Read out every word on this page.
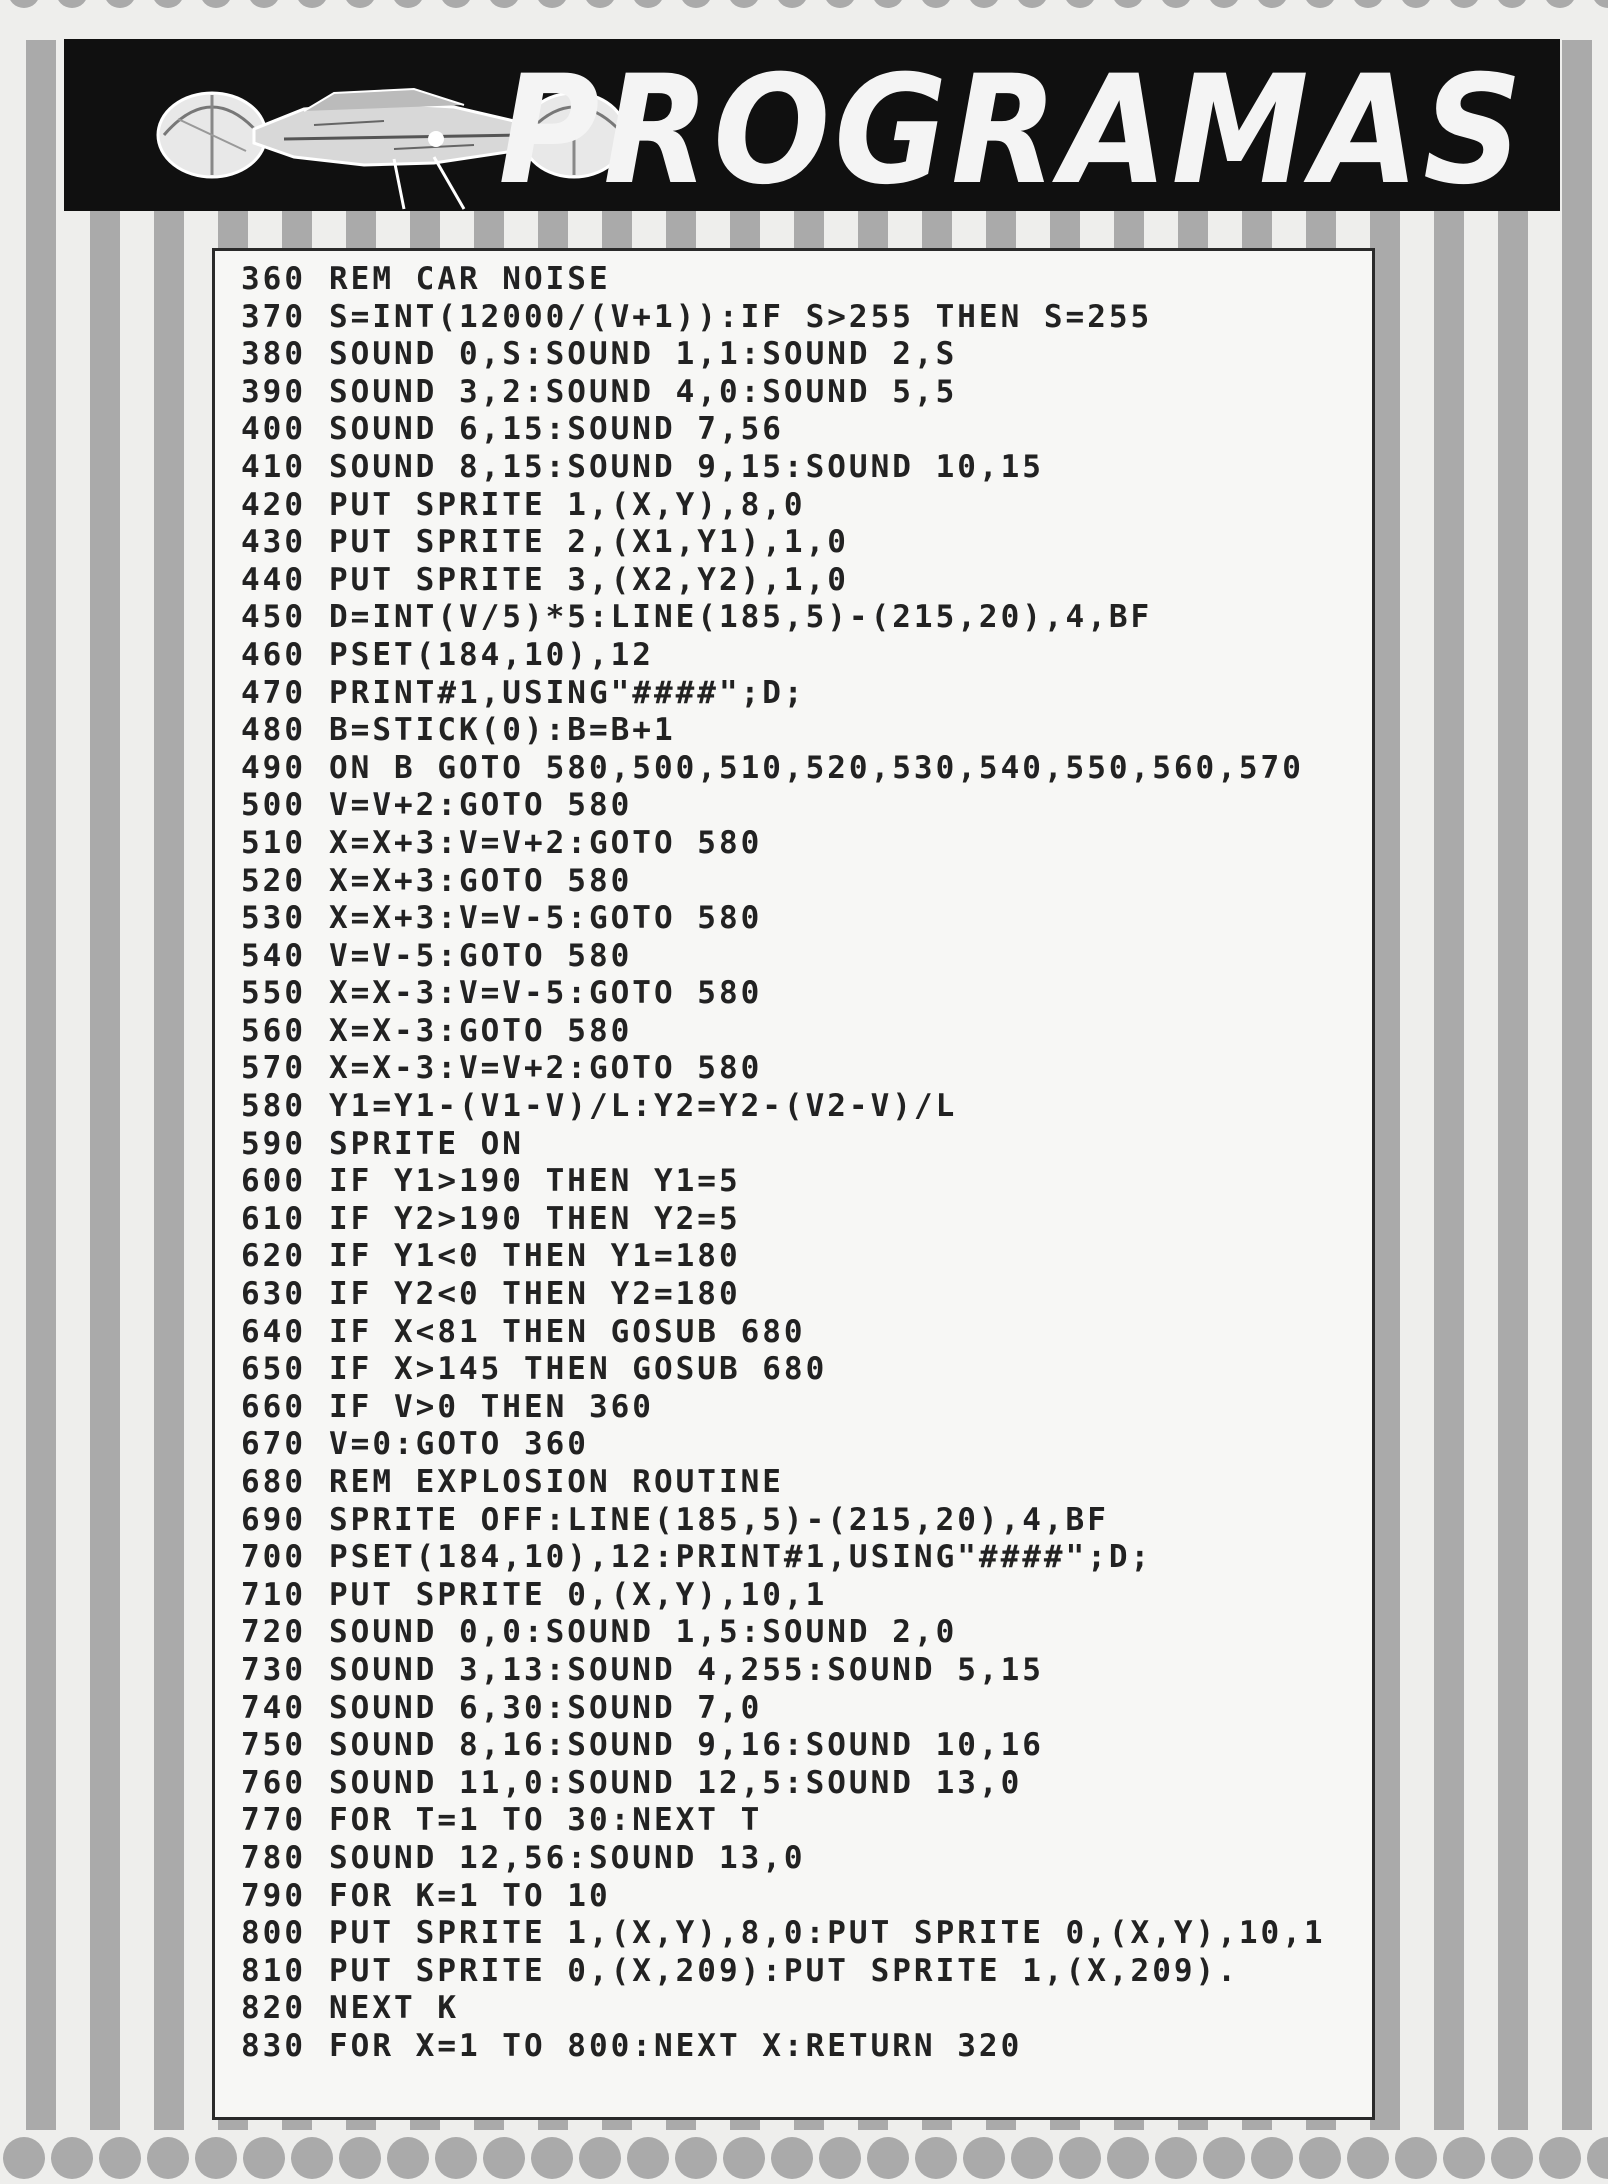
PROGRAMAS
360 REM CAR NOISE
370 S=INT(12000/(V+1)):IF S>255 THEN S=255
380 SOUND 0,S:SOUND 1,1:SOUND 2,S
390 SOUND 3,2:SOUND 4,0:SOUND 5,5
400 SOUND 6,15:SOUND 7,56
410 SOUND 8,15:SOUND 9,15:SOUND 10,15
420 PUT SPRITE 1,(X,Y),8,0
430 PUT SPRITE 2,(X1,Y1),1,0
440 PUT SPRITE 3,(X2,Y2),1,0
450 D=INT(V/5)*5:LINE(185,5)-(215,20),4,BF
460 PSET(184,10),12
470 PRINT#1,USING"####";D;
480 B=STICK(0):B=B+1
490 ON B GOTO 580,500,510,520,530,540,550,560,570
500 V=V+2:GOTO 580
510 X=X+3:V=V+2:GOTO 580
520 X=X+3:GOTO 580
530 X=X+3:V=V-5:GOTO 580
540 V=V-5:GOTO 580
550 X=X-3:V=V-5:GOTO 580
560 X=X-3:GOTO 580
570 X=X-3:V=V+2:GOTO 580
580 Y1=Y1-(V1-V)/L:Y2=Y2-(V2-V)/L
590 SPRITE ON
600 IF Y1>190 THEN Y1=5
610 IF Y2>190 THEN Y2=5
620 IF Y1<0 THEN Y1=180
630 IF Y2<0 THEN Y2=180
640 IF X<81 THEN GOSUB 680
650 IF X>145 THEN GOSUB 680
660 IF V>0 THEN 360
670 V=0:GOTO 360
680 REM EXPLOSION ROUTINE
690 SPRITE OFF:LINE(185,5)-(215,20),4,BF
700 PSET(184,10),12:PRINT#1,USING"####";D;
710 PUT SPRITE 0,(X,Y),10,1
720 SOUND 0,0:SOUND 1,5:SOUND 2,0
730 SOUND 3,13:SOUND 4,255:SOUND 5,15
740 SOUND 6,30:SOUND 7,0
750 SOUND 8,16:SOUND 9,16:SOUND 10,16
760 SOUND 11,0:SOUND 12,5:SOUND 13,0
770 FOR T=1 TO 30:NEXT T
780 SOUND 12,56:SOUND 13,0
790 FOR K=1 TO 10
800 PUT SPRITE 1,(X,Y),8,0:PUT SPRITE 0,(X,Y),10,1
810 PUT SPRITE 0,(X,209):PUT SPRITE 1,(X,209).
820 NEXT K
830 FOR X=1 TO 800:NEXT X:RETURN 320
